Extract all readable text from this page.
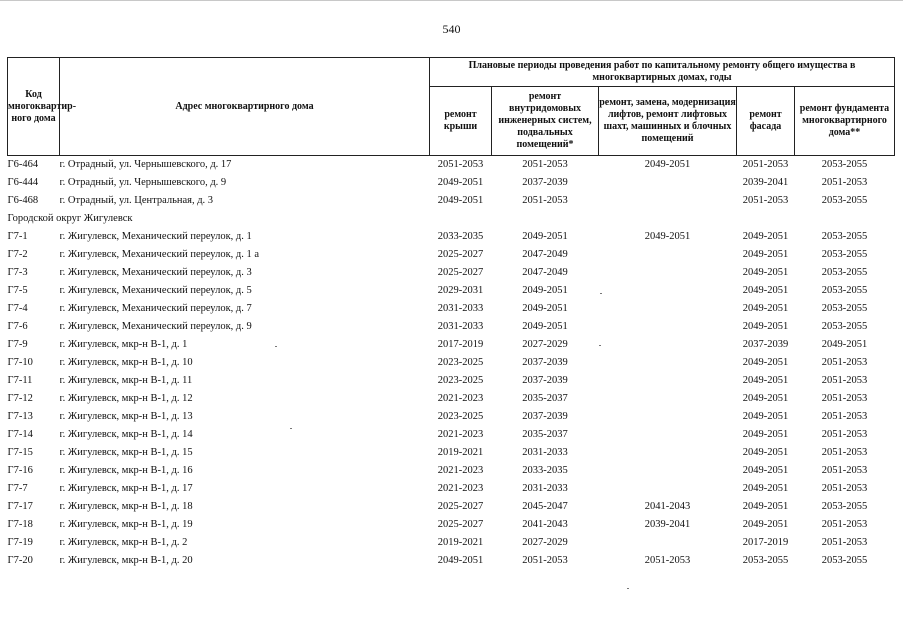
540
Код многоквартир-ного дома	Адрес многоквартирного дома	Плановые периоды проведения работ по капитальному ремонту общего имущества в многоквартирных домах, годы				
		ремонт крыши	ремонт внутридомовых инженерных систем, подвальных помещений*	ремонт, замена, модернизация лифтов, ремонт лифтовых шахт, машинных и блочных помещений	ремонт фасада	ремонт фундамента многоквартирного дома**
Г6-464	г. Отрадный, ул. Чернышевского, д. 17	2051-2053	2051-2053	2049-2051	2051-2053	2053-2055
Г6-444	г. Отрадный, ул. Чернышевского, д. 9	2049-2051	2037-2039		2039-2041	2051-2053
Г6-468	г. Отрадный, ул. Центральная, д. 3	2049-2051	2051-2053		2051-2053	2053-2055
Городской округ Жигулевск						
Г7-1	г. Жигулевск, Механический переулок, д. 1	2033-2035	2049-2051	2049-2051	2049-2051	2053-2055
Г7-2	г. Жигулевск, Механический переулок, д. 1 а	2025-2027	2047-2049		2049-2051	2053-2055
Г7-3	г. Жигулевск, Механический переулок, д. 3	2025-2027	2047-2049		2049-2051	2053-2055
Г7-5	г. Жигулевск, Механический переулок, д. 5	2029-2031	2049-2051		2049-2051	2053-2055
Г7-4	г. Жигулевск, Механический переулок, д. 7	2031-2033	2049-2051		2049-2051	2053-2055
Г7-6	г. Жигулевск, Механический переулок, д. 9	2031-2033	2049-2051		2049-2051	2053-2055
Г7-9	г. Жигулевск, мкр-н В-1, д. 1	2017-2019	2027-2029		2037-2039	2049-2051
Г7-10	г. Жигулевск, мкр-н В-1, д. 10	2023-2025	2037-2039		2049-2051	2051-2053
Г7-11	г. Жигулевск, мкр-н В-1, д. 11	2023-2025	2037-2039		2049-2051	2051-2053
Г7-12	г. Жигулевск, мкр-н В-1, д. 12	2021-2023	2035-2037		2049-2051	2051-2053
Г7-13	г. Жигулевск, мкр-н В-1, д. 13	2023-2025	2037-2039		2049-2051	2051-2053
Г7-14	г. Жигулевск, мкр-н В-1, д. 14	2021-2023	2035-2037		2049-2051	2051-2053
Г7-15	г. Жигулевск, мкр-н В-1, д. 15	2019-2021	2031-2033		2049-2051	2051-2053
Г7-16	г. Жигулевск, мкр-н В-1, д. 16	2021-2023	2033-2035		2049-2051	2051-2053
Г7-7	г. Жигулевск, мкр-н В-1, д. 17	2021-2023	2031-2033		2049-2051	2051-2053
Г7-17	г. Жигулевск, мкр-н В-1, д. 18	2025-2027	2045-2047	2041-2043	2049-2051	2053-2055
Г7-18	г. Жигулевск, мкр-н В-1, д. 19	2025-2027	2041-2043	2039-2041	2049-2051	2051-2053
Г7-19	г. Жигулевск, мкр-н В-1, д. 2	2019-2021	2027-2029		2017-2019	2051-2053
Г7-20	г. Жигулевск, мкр-н В-1, д. 20	2049-2051	2051-2053	2051-2053	2053-2055	2053-2055
